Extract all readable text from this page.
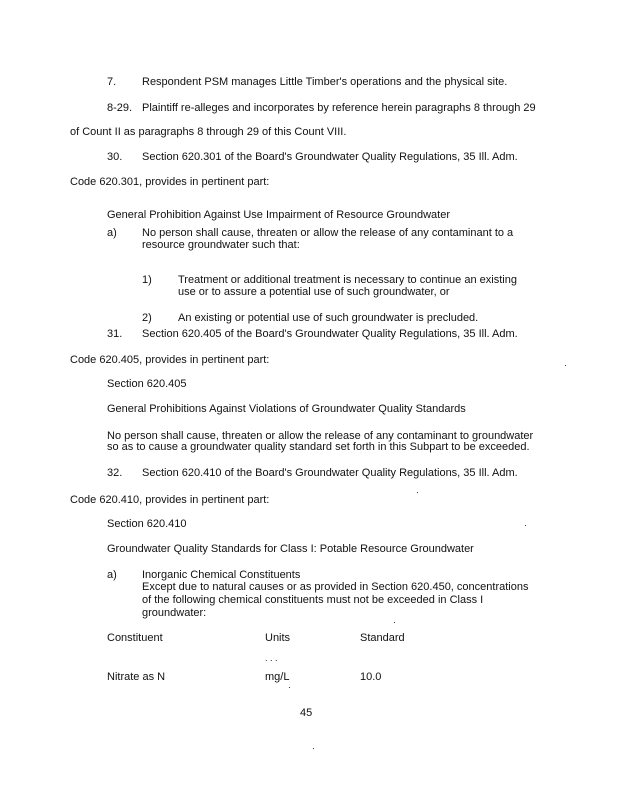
7. Respondent PSM manages Little Timber's operations and the physical site.
8-29. Plaintiff re-alleges and incorporates by reference herein paragraphs 8 through 29
of Count II as paragraphs 8 through 29 of this Count VIII.
30. Section 620.301 of the Board's Groundwater Quality Regulations, 35 Ill. Adm.
Code 620.301, provides in pertinent part:
General Prohibition Against Use Impairment of Resource Groundwater
a) No person shall cause, threaten or allow the release of any contaminant to a
resource groundwater such that:
1) Treatment or additional treatment is necessary to continue an existing
use or to assure a potential use of such groundwater, or
2) An existing or potential use of such groundwater is precluded.
31. Section 620.405 of the Board's Groundwater Quality Regulations, 35 Ill. Adm.
Code 620.405, provides in pertinent part:
Section 620.405
General Prohibitions Against Violations of Groundwater Quality Standards
No person shall cause, threaten or allow the release of any contaminant to groundwater
so as to cause a groundwater quality standard set forth in this Subpart to be exceeded.
32. Section 620.410 of the Board's Groundwater Quality Regulations, 35 Ill. Adm.
Code 620.410, provides in pertinent part:
Section 620.410
Groundwater Quality Standards for Class I: Potable Resource Groundwater
a) Inorganic Chemical Constituents
Except due to natural causes or as provided in Section 620.450, concentrations
of the following chemical constituents must not be exceeded in Class I
groundwater:
Constituent	Units	Standard
. . .
Nitrate as N	mg/L	10.0
45
